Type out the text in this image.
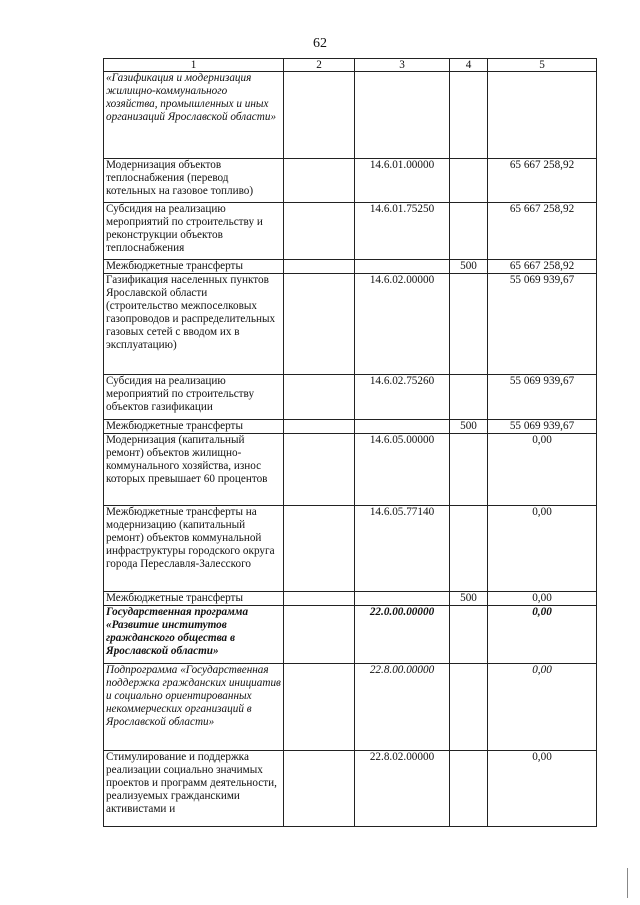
62
1	2	3	4	5
«Газификация и модернизация жилищно-коммунального хозяйства, промышленных и иных организаций Ярославской области»				
Модернизация объектов теплоснабжения (перевод котельных на газовое топливо)		14.6.01.00000		65 667 258,92
Субсидия на реализацию мероприятий по строительству и реконструкции объектов теплоснабжения		14.6.01.75250		65 667 258,92
Межбюджетные трансферты			500	65 667 258,92
Газификация населенных пунктов Ярославской области (строительство межпоселковых газопроводов и распределительных газовых сетей с вводом их в эксплуатацию)		14.6.02.00000		55 069 939,67
Субсидия на реализацию мероприятий по строительству объектов газификации		14.6.02.75260		55 069 939,67
Межбюджетные трансферты			500	55 069 939,67
Модернизация (капитальный ремонт) объектов жилищно-коммунального хозяйства, износ которых превышает 60 процентов		14.6.05.00000		0,00
Межбюджетные трансферты на модернизацию (капитальный ремонт) объектов коммунальной инфраструктуры городского округа города Переславля-Залесского		14.6.05.77140		0,00
Межбюджетные трансферты			500	0,00
Государственная программа «Развитие институтов гражданского общества в Ярославской области»		22.0.00.00000		0,00
Подпрограмма «Государственная поддержка гражданских инициатив и социально ориентированных некоммерческих организаций в Ярославской области»		22.8.00.00000		0,00
Стимулирование и поддержка реализации социально значимых проектов и программ деятельности, реализуемых гражданскими активистами и		22.8.02.00000		0,00
